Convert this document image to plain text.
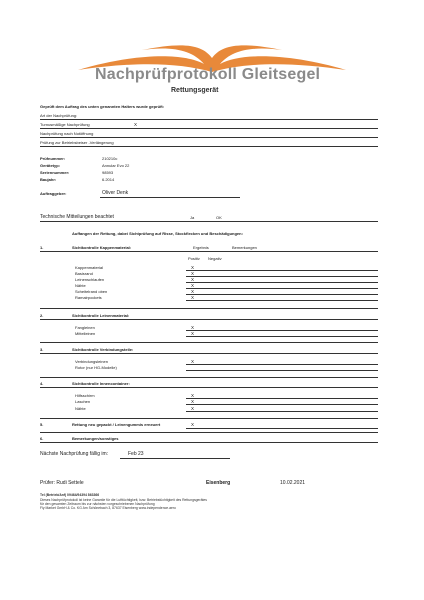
Nachprüfprotokoll Gleitsegel
Rettungsgerät
Geprüft dem Auftrag des unten genannten Halters wurde geprüft:
Art der Nachprüfung:
Turnusmäßige Nachprüfung	X
Nachprüfung nach Notöffnung
Prüfung zur Betriebsbeiser -Verlängerung
Prüfnummer:	210210c
Gerätetyp:	Annular Evo 22
Seriennummer:	98593
Baujahr:	6.2014
Auftraggeber:	Oliver Denk
Technische Mitteilungen beachtet	Ja	OK
Auffangen der Rettung, dabei Sichtprüfung auf Risse, Stockflecken und Beschädigungen:
1.	Sichtkontrolle Kappenmaterial:	Ergebnis	Bemerkungen
Positiv Negativ
Kappenmaterial	X
Basisrand	X
Leinenschlaufen	X
Nähte	X
Scheitelrand oben	X
Ramairpockets	X
2.	Sichtkontrolle Leinenmaterial:
Fangleinen	X
Mittelleinen	X
3.	Sichtkontrolle Verbindungsteile:
Verbindungsleinen	X
Rotor (nur HG-Modelle)
4.	Sichtkontrolle Innencontainer:
Hilfsschirm	X
Laschen	X
Nähte	X
5.	Rettung neu gepackt / Leinengummis erneuert	X
6.	Bemerkungen/sonstiges
Nächste Nachprüfung fällig im:	Feb 23
Prüfer: Rudi Settele	Eisenberg	10.02.2021
Tel (Betrieb/Anf) 09464/94394 863366
Dieses Nachprüfprotokoll ist keine Garantie für die Lufttüchtigkeit, bzw. Betriebstüchtigkeit des Rettungsgerätes
für den gesamten Zeitraum bis zur nächsten vorgeschriebenen Nachprüfung
Fly Market GmbH & Co. KG Am Schönebach 3, 87637 Eisenberg www.independence.aero
